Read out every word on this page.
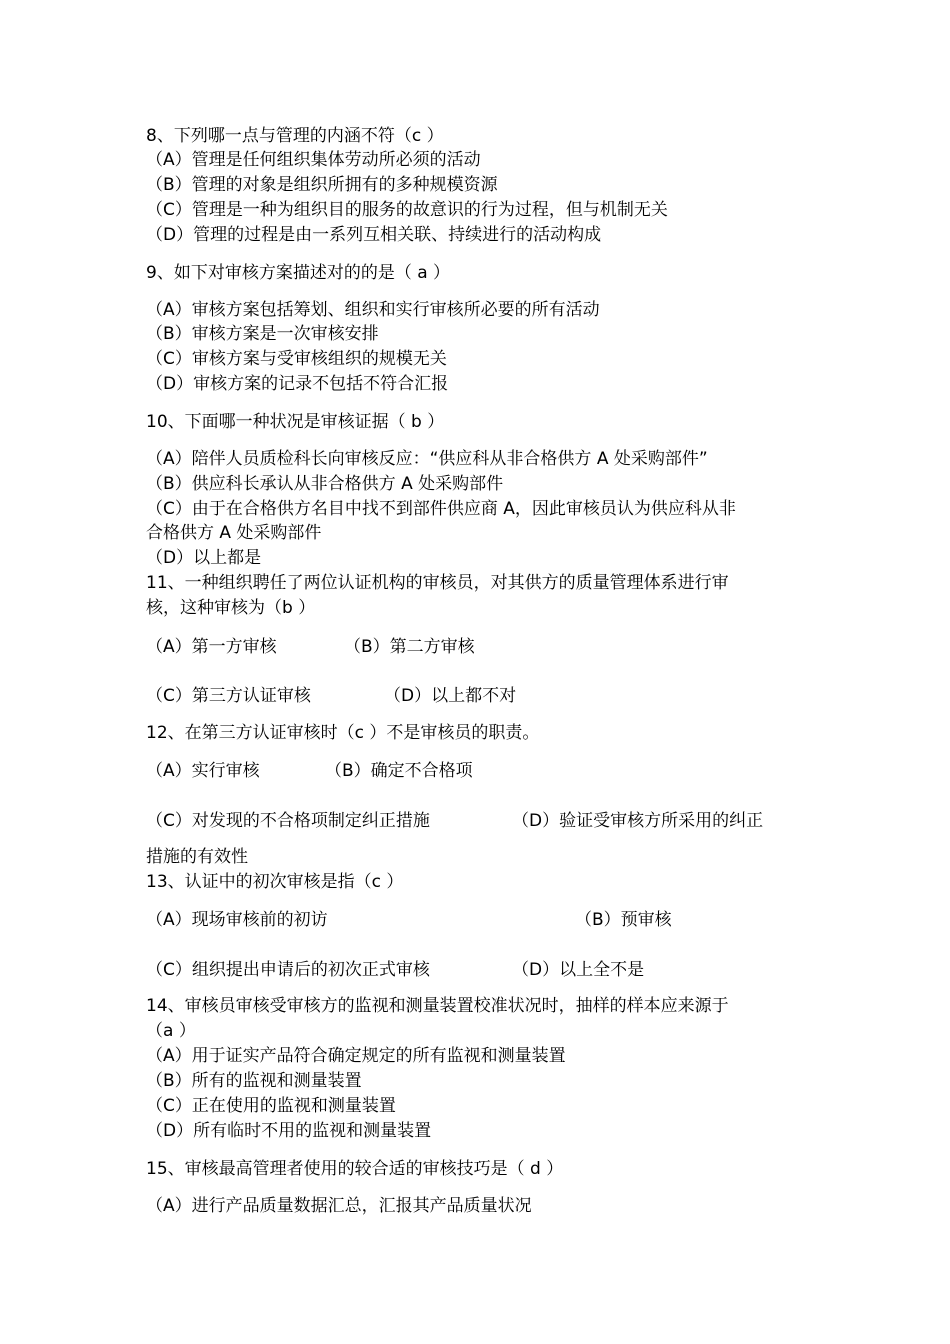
8、下列哪一点与管理的内涵不符（c ）
（A）管理是任何组织集体劳动所必须的活动
（B）管理的对象是组织所拥有的多种规模资源
（C）管理是一种为组织目的服务的故意识的行为过程，但与机制无关
（D）管理的过程是由一系列互相关联、持续进行的活动构成
9、如下对审核方案描述对的的是（ a ）
（A）审核方案包括筹划、组织和实行审核所必要的所有活动
（B）审核方案是一次审核安排
（C）审核方案与受审核组织的规模无关
（D）审核方案的记录不包括不符合汇报
10、下面哪一种状况是审核证据（ b ）
（A）陪伴人员质检科长向审核反应：“供应科从非合格供方 A 处采购部件”
（B）供应科长承认从非合格供方 A 处采购部件
（C）由于在合格供方名目中找不到部件供应商 A，因此审核员认为供应科从非
合格供方 A 处采购部件
（D）以上都是
11、一种组织聘任了两位认证机构的审核员，对其供方的质量管理体系进行审
核，这种审核为（b ）
（A）第一方审核	（B）第二方审核
（C）第三方认证审核	（D）以上都不对
12、在第三方认证审核时（c ）不是审核员的职责。
（A）实行审核	（B）确定不合格项
（C）对发现的不合格项制定纠正措施	（D）验证受审核方所采用的纠正
措施的有效性
13、认证中的初次审核是指（c ）
（A）现场审核前的初访	（B）预审核
（C）组织提出申请后的初次正式审核	（D）以上全不是
14、审核员审核受审核方的监视和测量装置校准状况时，抽样的样本应来源于
（a ）
（A）用于证实产品符合确定规定的所有监视和测量装置
（B）所有的监视和测量装置
（C）正在使用的监视和测量装置
（D）所有临时不用的监视和测量装置
15、审核最高管理者使用的较合适的审核技巧是（ d ）
（A）进行产品质量数据汇总，汇报其产品质量状况
